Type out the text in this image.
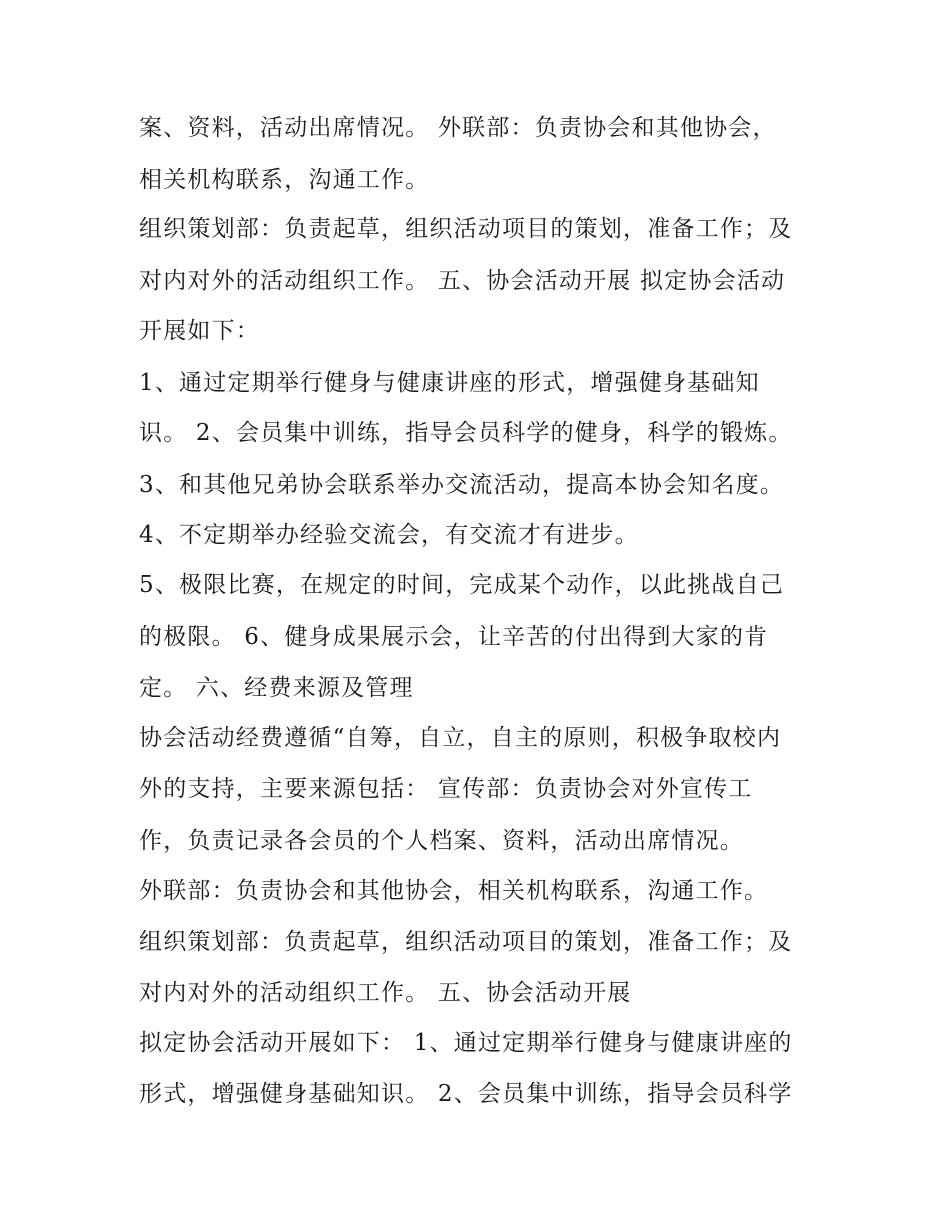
案、资料，活动出席情况。 外联部：负责协会和其他协会，
相关机构联系，沟通工作。
组织策划部：负责起草，组织活动项目的策划，准备工作；及
对内对外的活动组织工作。 五、协会活动开展 拟定协会活动
开展如下：
1、通过定期举行健身与健康讲座的形式，增强健身基础知
识。 2、会员集中训练，指导会员科学的健身，科学的锻炼。
3、和其他兄弟协会联系举办交流活动，提高本协会知名度。
4、不定期举办经验交流会，有交流才有进步。
5、极限比赛，在规定的时间，完成某个动作，以此挑战自己
的极限。 6、健身成果展示会，让辛苦的付出得到大家的肯
定。 六、经费来源及管理
协会活动经费遵循“自筹，自立，自主的原则，积极争取校内
外的支持，主要来源包括： 宣传部：负责协会对外宣传工
作，负责记录各会员的个人档案、资料，活动出席情况。
外联部：负责协会和其他协会，相关机构联系，沟通工作。
组织策划部：负责起草，组织活动项目的策划，准备工作；及
对内对外的活动组织工作。 五、协会活动开展
拟定协会活动开展如下： 1、通过定期举行健身与健康讲座的
形式，增强健身基础知识。 2、会员集中训练，指导会员科学
